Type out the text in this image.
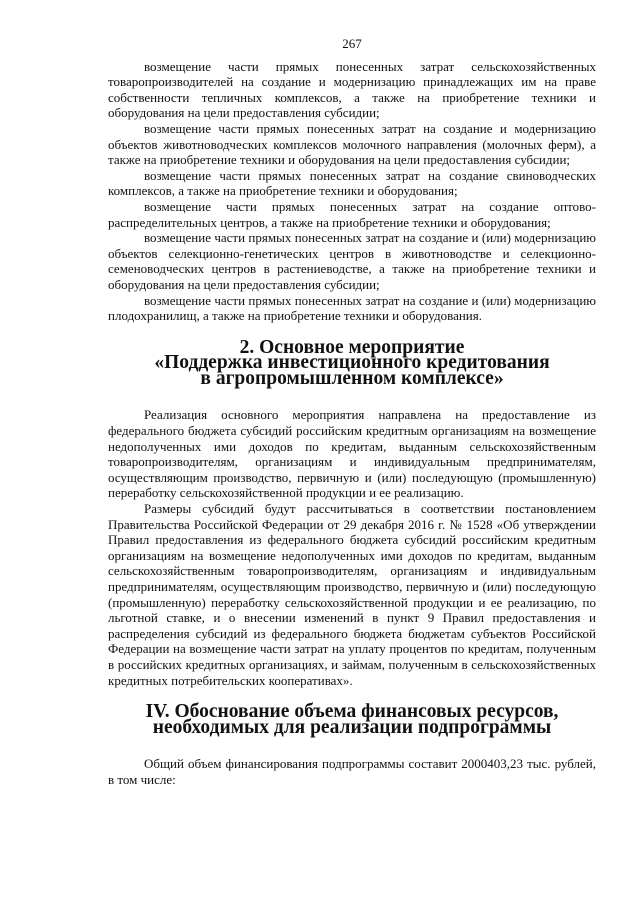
267

возмещение части прямых понесенных затрат сельскохозяйственных товаропроизводителей на создание и модернизацию принадлежащих им на праве собственности тепличных комплексов, а также на приобретение техники и оборудования на цели предоставления субсидии;

возмещение части прямых понесенных затрат на создание и модернизацию объектов животноводческих комплексов молочного направления (молочных ферм), а также на приобретение техники и оборудования на цели предоставления субсидии;

возмещение части прямых понесенных затрат на создание свиноводческих комплексов, а также на приобретение техники и оборудования;

возмещение части прямых понесенных затрат на создание оптово-распределительных центров, а также на приобретение техники и оборудования;

возмещение части прямых понесенных затрат на создание и (или) модернизацию объектов селекционно-генетических центров в животноводстве и селекционно-семеноводческих центров в растениеводстве, а также на приобретение техники и оборудования на цели предоставления субсидии;

возмещение части прямых понесенных затрат на создание и (или) модернизацию плодохранилищ, а также на приобретение техники и оборудования.

2. Основное мероприятие
«Поддержка инвестиционного кредитования
в агропромышленном комплексе»

Реализация основного мероприятия направлена на предоставление из федерального бюджета субсидий российским кредитным организациям на возмещение недополученных ими доходов по кредитам, выданным сельскохозяйственным товаропроизводителям, организациям и индивидуальным предпринимателям, осуществляющим производство, первичную и (или) последующую (промышленную) переработку сельскохозяйственной продукции и ее реализацию.

Размеры субсидий будут рассчитываться в соответствии постановлением Правительства Российской Федерации от 29 декабря 2016 г. № 1528 «Об утверждении Правил предоставления из федерального бюджета субсидий российским кредитным организациям на возмещение недополученных ими доходов по кредитам, выданным сельскохозяйственным товаропроизводителям, организациям и индивидуальным предпринимателям, осуществляющим производство, первичную и (или) последующую (промышленную) переработку сельскохозяйственной продукции и ее реализацию, по льготной ставке, и о внесении изменений в пункт 9 Правил предоставления и распределения субсидий из федерального бюджета бюджетам субъектов Российской Федерации на возмещение части затрат на уплату процентов по кредитам, полученным в российских кредитных организациях, и займам, полученным в сельскохозяйственных кредитных потребительских кооперативах».

IV. Обоснование объема финансовых ресурсов,
необходимых для реализации подпрограммы

Общий объем финансирования подпрограммы составит 2000403,23 тыс. рублей, в том числе:
